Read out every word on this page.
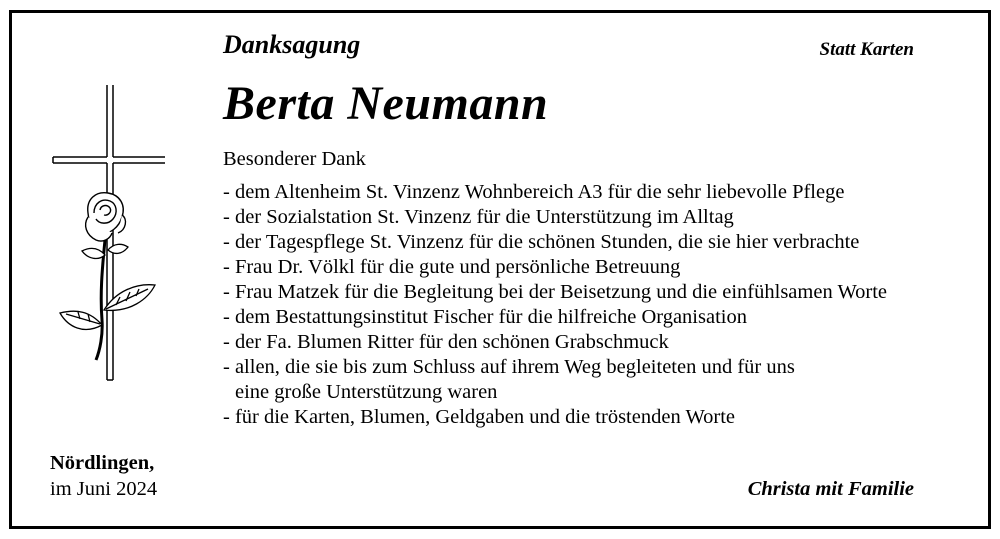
Danksagung	Statt Karten
Berta Neumann
Besonderer Dank
- dem Altenheim St. Vinzenz Wohnbereich A3 für die sehr liebevolle Pflege
- der Sozialstation St. Vinzenz für die Unterstützung im Alltag
- der Tagespflege St. Vinzenz für die schönen Stunden, die sie hier verbrachte
- Frau Dr. Völkl für die gute und persönliche Betreuung
- Frau Matzek für die Begleitung bei der Beisetzung und die einfühlsamen Worte
- dem Bestattungsinstitut Fischer für die hilfreiche Organisation
- der Fa. Blumen Ritter für den schönen Grabschmuck
- allen, die sie bis zum Schluss auf ihrem Weg begleiteten und für uns
eine große Unterstützung waren
- für die Karten, Blumen, Geldgaben und die tröstenden Worte
Nördlingen,
im Juni 2024	Christa mit Familie
